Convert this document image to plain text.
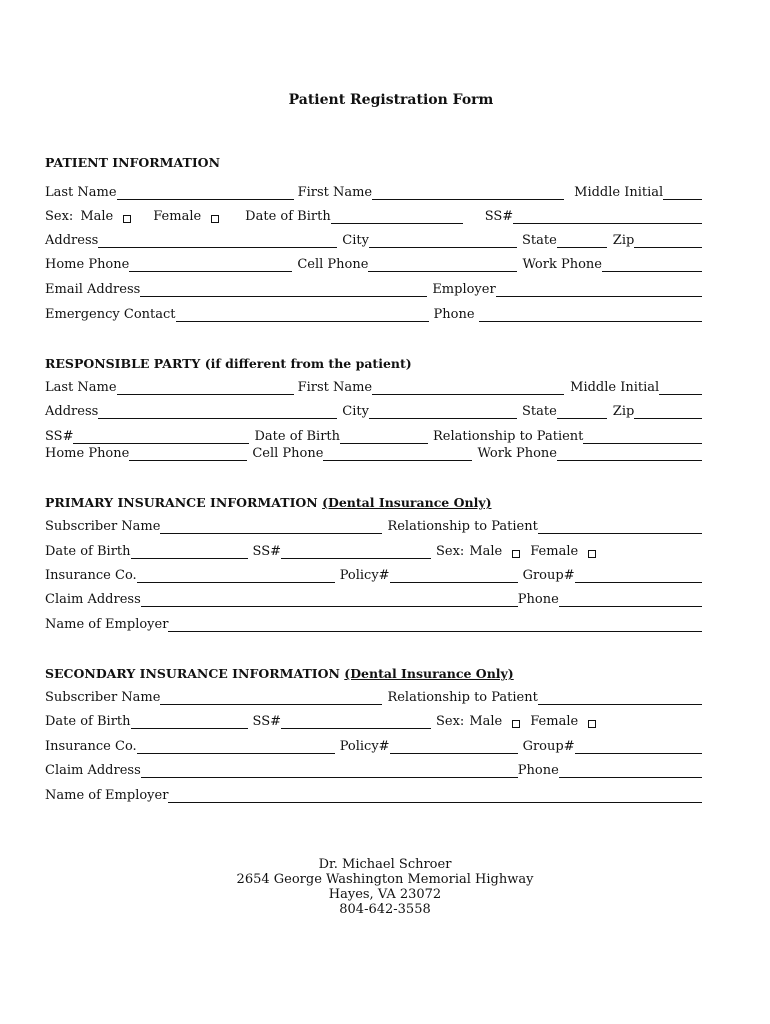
Patient Registration Form
PATIENT INFORMATION
Last Name	First Name	Middle Initial
Sex: Male	Female	Date of Birth	SS#
Address	City	State	Zip
Home Phone	Cell Phone	Work Phone
Email Address	Employer
Emergency Contact	Phone
RESPONSIBLE PARTY (if different from the patient)
Last Name	First Name	Middle Initial
Address	City	State	Zip
SS#	Date of Birth	Relationship to Patient
Home Phone	Cell Phone	Work Phone
PRIMARY INSURANCE INFORMATION (Dental Insurance Only)
Subscriber Name	Relationship to Patient
Date of Birth	SS#	Sex: Male Female
Insurance Co.	Policy#	Group#
Claim Address	Phone
Name of Employer
SECONDARY INSURANCE INFORMATION (Dental Insurance Only)
Subscriber Name	Relationship to Patient
Date of Birth	SS#	Sex: Male Female
Insurance Co.	Policy#	Group#
Claim Address	Phone
Name of Employer
Dr. Michael Schroer
2654 George Washington Memorial Highway
Hayes, VA 23072
804-642-3558
